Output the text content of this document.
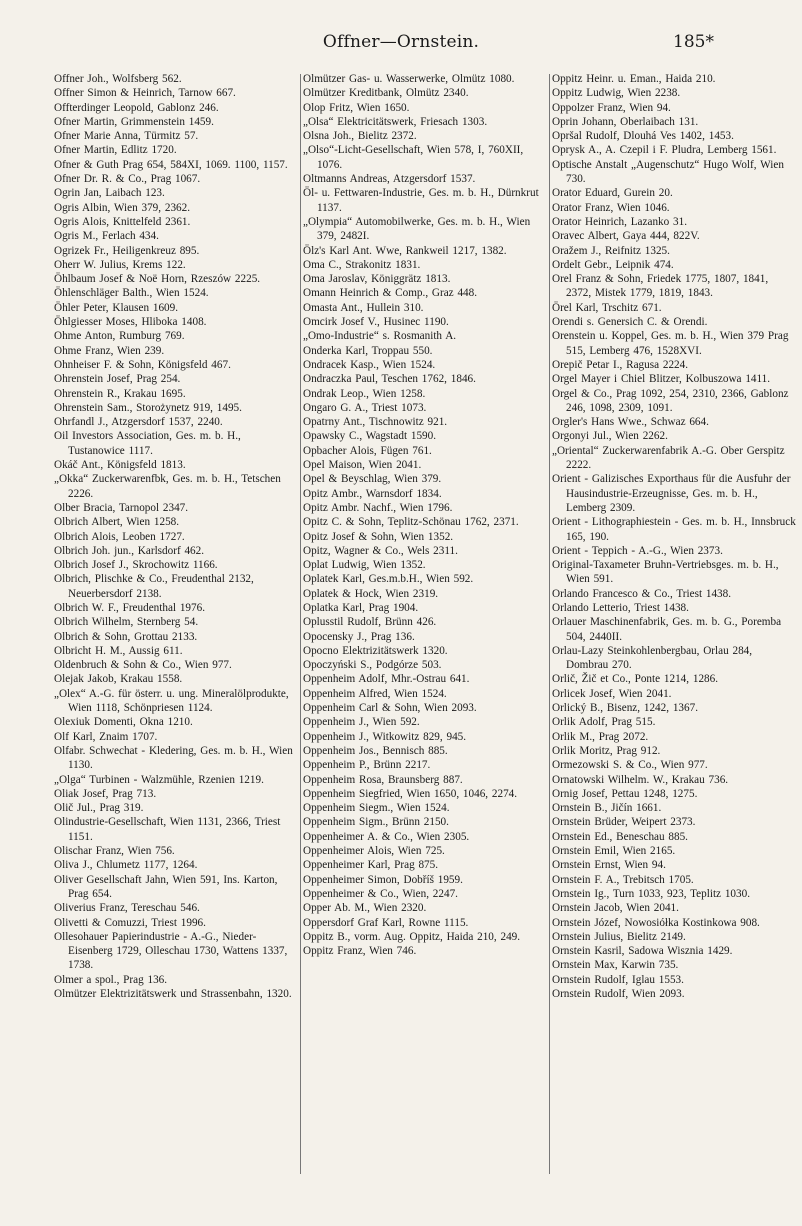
Offner—Ornstein.	185*
Offner Joh., Wolfsberg 562.
Offner Simon & Heinrich, Tarnow 667.
Offterdinger Leopold, Gablonz 246.
Ofner Martin, Grimmenstein 1459.
Ofner Marie Anna, Türmitz 57.
Ofner Martin, Edlitz 1720.
Ofner & Guth Prag 654, 584XI, 1069. 1100, 1157.
Ofner Dr. R. & Co., Prag 1067.
Ogrin Jan, Laibach 123.
Ogris Albin, Wien 379, 2362.
Ogris Alois, Knittelfeld 2361.
Ogris M., Ferlach 434.
Ogrizek Fr., Heiligenkreuz 895.
Oherr W. Julius, Krems 122.
Öhlbaum Josef & Noë Horn, Rzeszów 2225.
Öhlenschläger Balth., Wien 1524.
Öhler Peter, Klausen 1609.
Öhlgiesser Moses, Hliboka 1408.
Ohme Anton, Rumburg 769.
Ohme Franz, Wien 239.
Ohnheiser F. & Sohn, Königsfeld 467.
Ohrenstein Josef, Prag 254.
Ohrenstein R., Krakau 1695.
Ohrenstein Sam., Storożynetz 919, 1495.
Ohrfandl J., Atzgersdorf 1537, 2240.
Oil Investors Association, Ges. m. b. H., Tustanowice 1117.
Okáč Ant., Königsfeld 1813.
„Okka“ Zuckerwarenfbk, Ges. m. b. H., Tetschen 2226.
Olber Bracia, Tarnopol 2347.
Olbrich Albert, Wien 1258.
Olbrich Alois, Leoben 1727.
Olbrich Joh. jun., Karlsdorf 462.
Olbrich Josef J., Skrochowitz 1166.
Olbrich, Plischke & Co., Freudenthal 2132, Neuerbersdorf 2138.
Olbrich W. F., Freudenthal 1976.
Olbrich Wilhelm, Sternberg 54.
Olbrich & Sohn, Grottau 2133.
Olbricht H. M., Aussig 611.
Oldenbruch & Sohn & Co., Wien 977.
Olejak Jakob, Krakau 1558.
„Olex“ A.-G. für österr. u. ung. Mineralölprodukte, Wien 1118, Schönpriesen 1124.
Olexiuk Domenti, Okna 1210.
Olf Karl, Znaim 1707.
Olfabr. Schwechat - Kledering, Ges. m. b. H., Wien 1130.
„Olga“ Turbinen - Walzmühle, Rzenien 1219.
Oliak Josef, Prag 713.
Olič Jul., Prag 319.
Olindustrie-Gesellschaft, Wien 1131, 2366, Triest 1151.
Olischar Franz, Wien 756.
Oliva J., Chlumetz 1177, 1264.
Oliver Gesellschaft Jahn, Wien 591, Ins. Karton, Prag 654.
Oliverius Franz, Tereschau 546.
Olivetti & Comuzzi, Triest 1996.
Ollesohauer Papierindustrie - A.-G., Nieder-Eisenberg 1729, Olleschau 1730, Wattens 1337, 1738.
Olmer a spol., Prag 136.
Olmützer Elektrizitätswerk und Strassenbahn, 1320.
Olmützer Gas- u. Wasserwerke, Olmütz 1080.
Olmützer Kreditbank, Olmütz 2340.
Olop Fritz, Wien 1650.
„Olsa“ Elektricitätswerk, Friesach 1303.
Olsna Joh., Bielitz 2372.
„Olso“-Licht-Gesellschaft, Wien 578, I, 760XII, 1076.
Oltmanns Andreas, Atzgersdorf 1537.
Öl- u. Fettwaren-Industrie, Ges. m. b. H., Dürnkrut 1137.
„Olympia“ Automobilwerke, Ges. m. b. H., Wien 379, 2482I.
Ölz's Karl Ant. Wwe, Rankweil 1217, 1382.
Oma C., Strakonitz 1831.
Oma Jaroslav, Königgrätz 1813.
Omann Heinrich & Comp., Graz 448.
Omasta Ant., Hullein 310.
Omcirk Josef V., Husinec 1190.
„Omo-Industrie“ s. Rosmanith A.
Onderka Karl, Troppau 550.
Ondracek Kasp., Wien 1524.
Ondraczka Paul, Teschen 1762, 1846.
Ondrak Leop., Wien 1258.
Ongaro G. A., Triest 1073.
Opatrny Ant., Tischnowitz 921.
Opawsky C., Wagstadt 1590.
Opbacher Alois, Fügen 761.
Opel Maison, Wien 2041.
Opel & Beyschlag, Wien 379.
Opitz Ambr., Warnsdorf 1834.
Opitz Ambr. Nachf., Wien 1796.
Opitz C. & Sohn, Teplitz-Schönau 1762, 2371.
Opitz Josef & Sohn, Wien 1352.
Opitz, Wagner & Co., Wels 2311.
Oplat Ludwig, Wien 1352.
Oplatek Karl, Ges.m.b.H., Wien 592.
Oplatek & Hock, Wien 2319.
Oplatka Karl, Prag 1904.
Oplusstil Rudolf, Brünn 426.
Opocensky J., Prag 136.
Opocno Elektrizitätswerk 1320.
Opoczyński S., Podgórze 503.
Oppenheim Adolf, Mhr.-Ostrau 641.
Oppenheim Alfred, Wien 1524.
Oppenheim Carl & Sohn, Wien 2093.
Oppenheim J., Wien 592.
Oppenheim J., Witkowitz 829, 945.
Oppenheim Jos., Bennisch 885.
Oppenheim P., Brünn 2217.
Oppenheim Rosa, Braunsberg 887.
Oppenheim Siegfried, Wien 1650, 1046, 2274.
Oppenheim Siegm., Wien 1524.
Oppenheim Sigm., Brünn 2150.
Oppenheimer A. & Co., Wien 2305.
Oppenheimer Alois, Wien 725.
Oppenheimer Karl, Prag 875.
Oppenheimer Simon, Dobříš 1959.
Oppenheimer & Co., Wien, 2247.
Opper Ab. M., Wien 2320.
Oppersdorf Graf Karl, Rowne 1115.
Oppitz B., vorm. Aug. Oppitz, Haida 210, 249.
Oppitz Franz, Wien 746.
Oppitz Heinr. u. Eman., Haida 210.
Oppitz Ludwig, Wien 2238.
Oppolzer Franz, Wien 94.
Oprin Johann, Oberlaibach 131.
Opršal Rudolf, Dlouhá Ves 1402, 1453.
Oprysk A., A. Czepil i F. Pludra, Lemberg 1561.
Optische Anstalt „Augenschutz“ Hugo Wolf, Wien 730.
Orator Eduard, Gurein 20.
Orator Franz, Wien 1046.
Orator Heinrich, Lazanko 31.
Oravec Albert, Gaya 444, 822V.
Oražem J., Reifnitz 1325.
Ordelt Gebr., Leipnik 474.
Orel Franz & Sohn, Friedek 1775, 1807, 1841, 2372, Mistek 1779, 1819, 1843.
Örel Karl, Trschitz 671.
Orendi s. Genersich C. & Orendi.
Orenstein u. Koppel, Ges. m. b. H., Wien 379 Prag 515, Lemberg 476, 1528XVI.
Orepič Petar I., Ragusa 2224.
Orgel Mayer i Chiel Blitzer, Kolbuszowa 1411.
Orgel & Co., Prag 1092, 254, 2310, 2366, Gablonz 246, 1098, 2309, 1091.
Orgler's Hans Wwe., Schwaz 664.
Orgonyi Jul., Wien 2262.
„Oriental“ Zuckerwarenfabrik A.-G. Ober Gerspitz 2222.
Orient - Galizisches Exporthaus für die Ausfuhr der Hausindustrie-Erzeugnisse, Ges. m. b. H., Lemberg 2309.
Orient - Lithographiestein - Ges. m. b. H., Innsbruck 165, 190.
Orient - Teppich - A.-G., Wien 2373.
Original-Taxameter Bruhn-Vertriebsges. m. b. H., Wien 591.
Orlando Francesco & Co., Triest 1438.
Orlando Letterio, Triest 1438.
Orlauer Maschinenfabrik, Ges. m. b. G., Poremba 504, 2440II.
Orlau-Lazy Steinkohlenbergbau, Orlau 284, Dombrau 270.
Orlič, Žič et Co., Ponte 1214, 1286.
Orlicek Josef, Wien 2041.
Orlický B., Bisenz, 1242, 1367.
Orlik Adolf, Prag 515.
Orlik M., Prag 2072.
Orlik Moritz, Prag 912.
Ormezowski S. & Co., Wien 977.
Ornatowski Wilhelm. W., Krakau 736.
Ornig Josef, Pettau 1248, 1275.
Ornstein B., Jičín 1661.
Ornstein Brüder, Weipert 2373.
Ornstein Ed., Beneschau 885.
Ornstein Emil, Wien 2165.
Ornstein Ernst, Wien 94.
Ornstein F. A., Trebitsch 1705.
Ornstein Ig., Turn 1033, 923, Teplitz 1030.
Ornstein Jacob, Wien 2041.
Ornstein Józef, Nowosiółka Kostinkowa 908.
Ornstein Julius, Bielitz 2149.
Ornstein Kasril, Sadowa Wisznia 1429.
Ornstein Max, Karwin 735.
Ornstein Rudolf, Iglau 1553.
Ornstein Rudolf, Wien 2093.
